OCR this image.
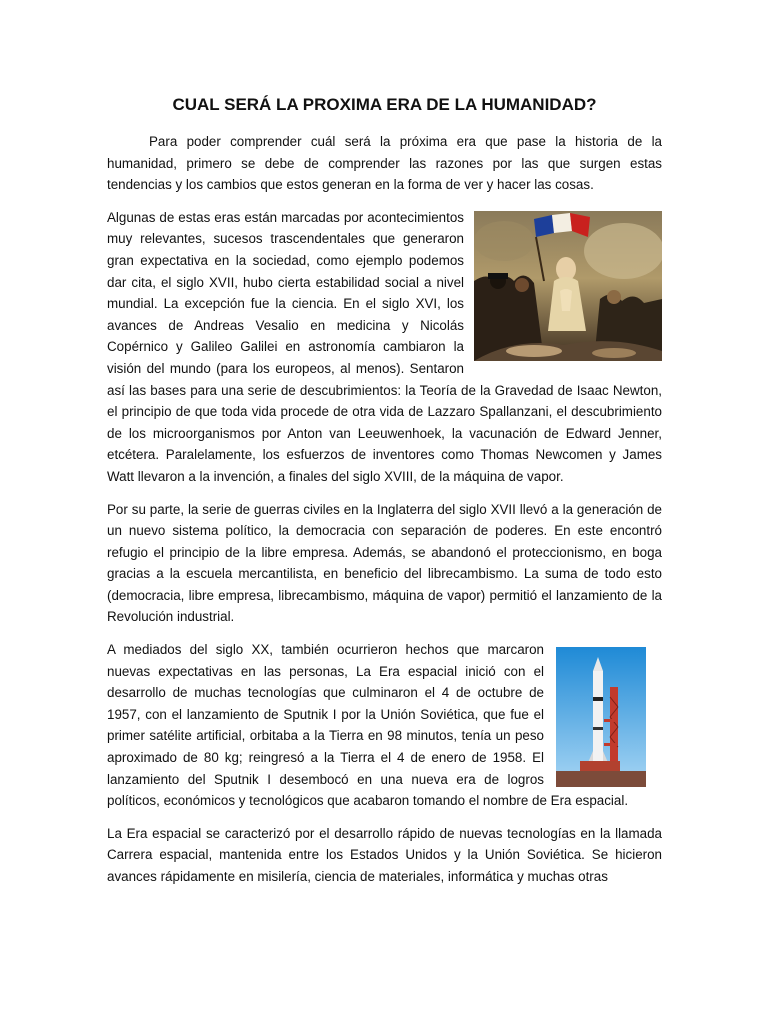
CUAL SERÁ LA PROXIMA ERA DE LA HUMANIDAD?

Para poder comprender cuál será la próxima era que pase la historia de la humanidad, primero se debe de comprender las razones por las que surgen estas tendencias y los cambios que estos generan en la forma de ver y hacer las cosas.

Algunas de estas eras están marcadas por acontecimientos muy relevantes, sucesos trascendentales que generaron gran expectativa en la sociedad, como ejemplo podemos dar cita, el siglo XVII, hubo cierta estabilidad social a nivel mundial. La excepción fue la ciencia. En el siglo XVI, los avances de Andreas Vesalio en medicina y Nicolás Copérnico y Galileo Galilei en astronomía cambiaron la visión del mundo (para los europeos, al menos). Sentaron así las bases para una serie de descubrimientos: la Teoría de la Gravedad de Isaac Newton, el principio de que toda vida procede de otra vida de Lazzaro Spallanzani, el descubrimiento de los microorganismos por Anton van Leeuwenhoek, la vacunación de Edward Jenner, etcétera. Paralelamente, los esfuerzos de inventores como Thomas Newcomen y James Watt llevaron a la invención, a finales del siglo XVIII, de la máquina de vapor.

Por su parte, la serie de guerras civiles en la Inglaterra del siglo XVII llevó a la generación de un nuevo sistema político, la democracia con separación de poderes. En este encontró refugio el principio de la libre empresa. Además, se abandonó el proteccionismo, en boga gracias a la escuela mercantilista, en beneficio del librecambismo. La suma de todo esto (democracia, libre empresa, librecambismo, máquina de vapor) permitió el lanzamiento de la Revolución industrial.

A mediados del siglo XX, también ocurrieron hechos que marcaron nuevas expectativas en las personas, La Era espacial inició con el desarrollo de muchas tecnologías que culminaron el 4 de octubre de 1957, con el lanzamiento de Sputnik I por la Unión Soviética, que fue el primer satélite artificial, orbitaba a la Tierra en 98 minutos, tenía un peso aproximado de 80 kg; reingresó a la Tierra el 4 de enero de 1958. El lanzamiento del Sputnik I desembocó en una nueva era de logros políticos, económicos y tecnológicos que acabaron tomando el nombre de Era espacial.

La Era espacial se caracterizó por el desarrollo rápido de nuevas tecnologías en la llamada Carrera espacial, mantenida entre los Estados Unidos y la Unión Soviética. Se hicieron avances rápidamente en misilería, ciencia de materiales, informática y muchas otras
